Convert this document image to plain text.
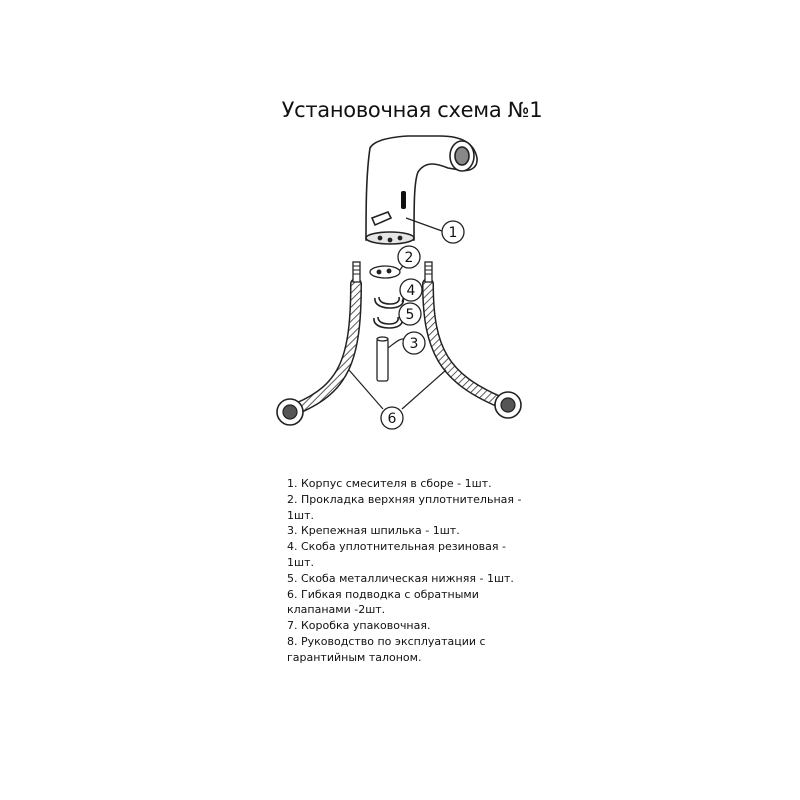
Установочная схема №1
1
2
3
4
5
6
1. Корпус смесителя в сборе - 1шт.
2. Прокладка верхняя уплотнительная - 1шт.
3. Крепежная шпилька - 1шт.
4. Скоба уплотнительная резиновая - 1шт.
5. Скоба металлическая нижняя - 1шт.
6. Гибкая подводка с обратными клапанами -2шт.
7. Коробка упаковочная.
8. Руководство по эксплуатации с гарантийным талоном.
